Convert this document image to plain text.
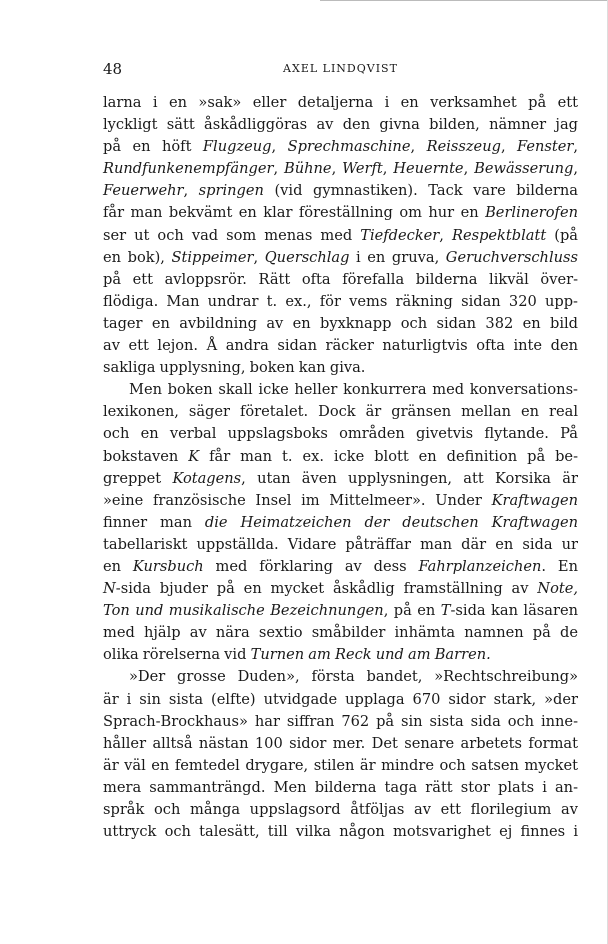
48	AXEL LINDQVIST
larna i en »sak» eller detaljerna i en verksamhet på ett
lyckligt sätt åskådliggöras av den givna bilden, nämner jag
på en höft Flugzeug, Sprechmaschine, Reisszeug, Fenster,
Rundfunkenempfänger, Bühne, Werft, Heuernte, Bewässerung,
Feuerwehr, springen (vid gymnastiken). Tack vare bilderna
får man bekvämt en klar föreställning om hur en Berlinerofen
ser ut och vad som menas med Tiefdecker, Respektblatt (på
en bok), Stippeimer, Querschlag i en gruva, Geruchverschluss
på ett avloppsrör. Rätt ofta förefalla bilderna likväl över-
flödiga. Man undrar t. ex., för vems räkning sidan 320 upp-
tager en avbildning av en byxknapp och sidan 382 en bild
av ett lejon. Å andra sidan räcker naturligtvis ofta inte den
sakliga upplysning, boken kan giva.
Men boken skall icke heller konkurrera med konversations-
lexikonen, säger företalet. Dock är gränsen mellan en real
och en verbal uppslagsboks områden givetvis flytande. På
bokstaven K får man t. ex. icke blott en definition på be-
greppet Kotagens, utan även upplysningen, att Korsika är
»eine französische Insel im Mittelmeer». Under Kraftwagen
finner man die Heimatzeichen der deutschen Kraftwagen
tabellariskt uppställda. Vidare påträffar man där en sida ur
en Kursbuch med förklaring av dess Fahrplanzeichen. En
N-sida bjuder på en mycket åskådlig framställning av Note,
Ton und musikalische Bezeichnungen, på en T-sida kan läsaren
med hjälp av nära sextio småbilder inhämta namnen på de
olika rörelserna vid Turnen am Reck und am Barren.
»Der grosse Duden», första bandet, »Rechtschreibung»
är i sin sista (elfte) utvidgade upplaga 670 sidor stark, »der
Sprach-Brockhaus» har siffran 762 på sin sista sida och inne-
håller alltså nästan 100 sidor mer. Det senare arbetets format
är väl en femtedel drygare, stilen är mindre och satsen mycket
mera sammanträngd. Men bilderna taga rätt stor plats i an-
språk och många uppslagsord åtföljas av ett florilegium av
uttryck och talesätt, till vilka någon motsvarighet ej finnes i
